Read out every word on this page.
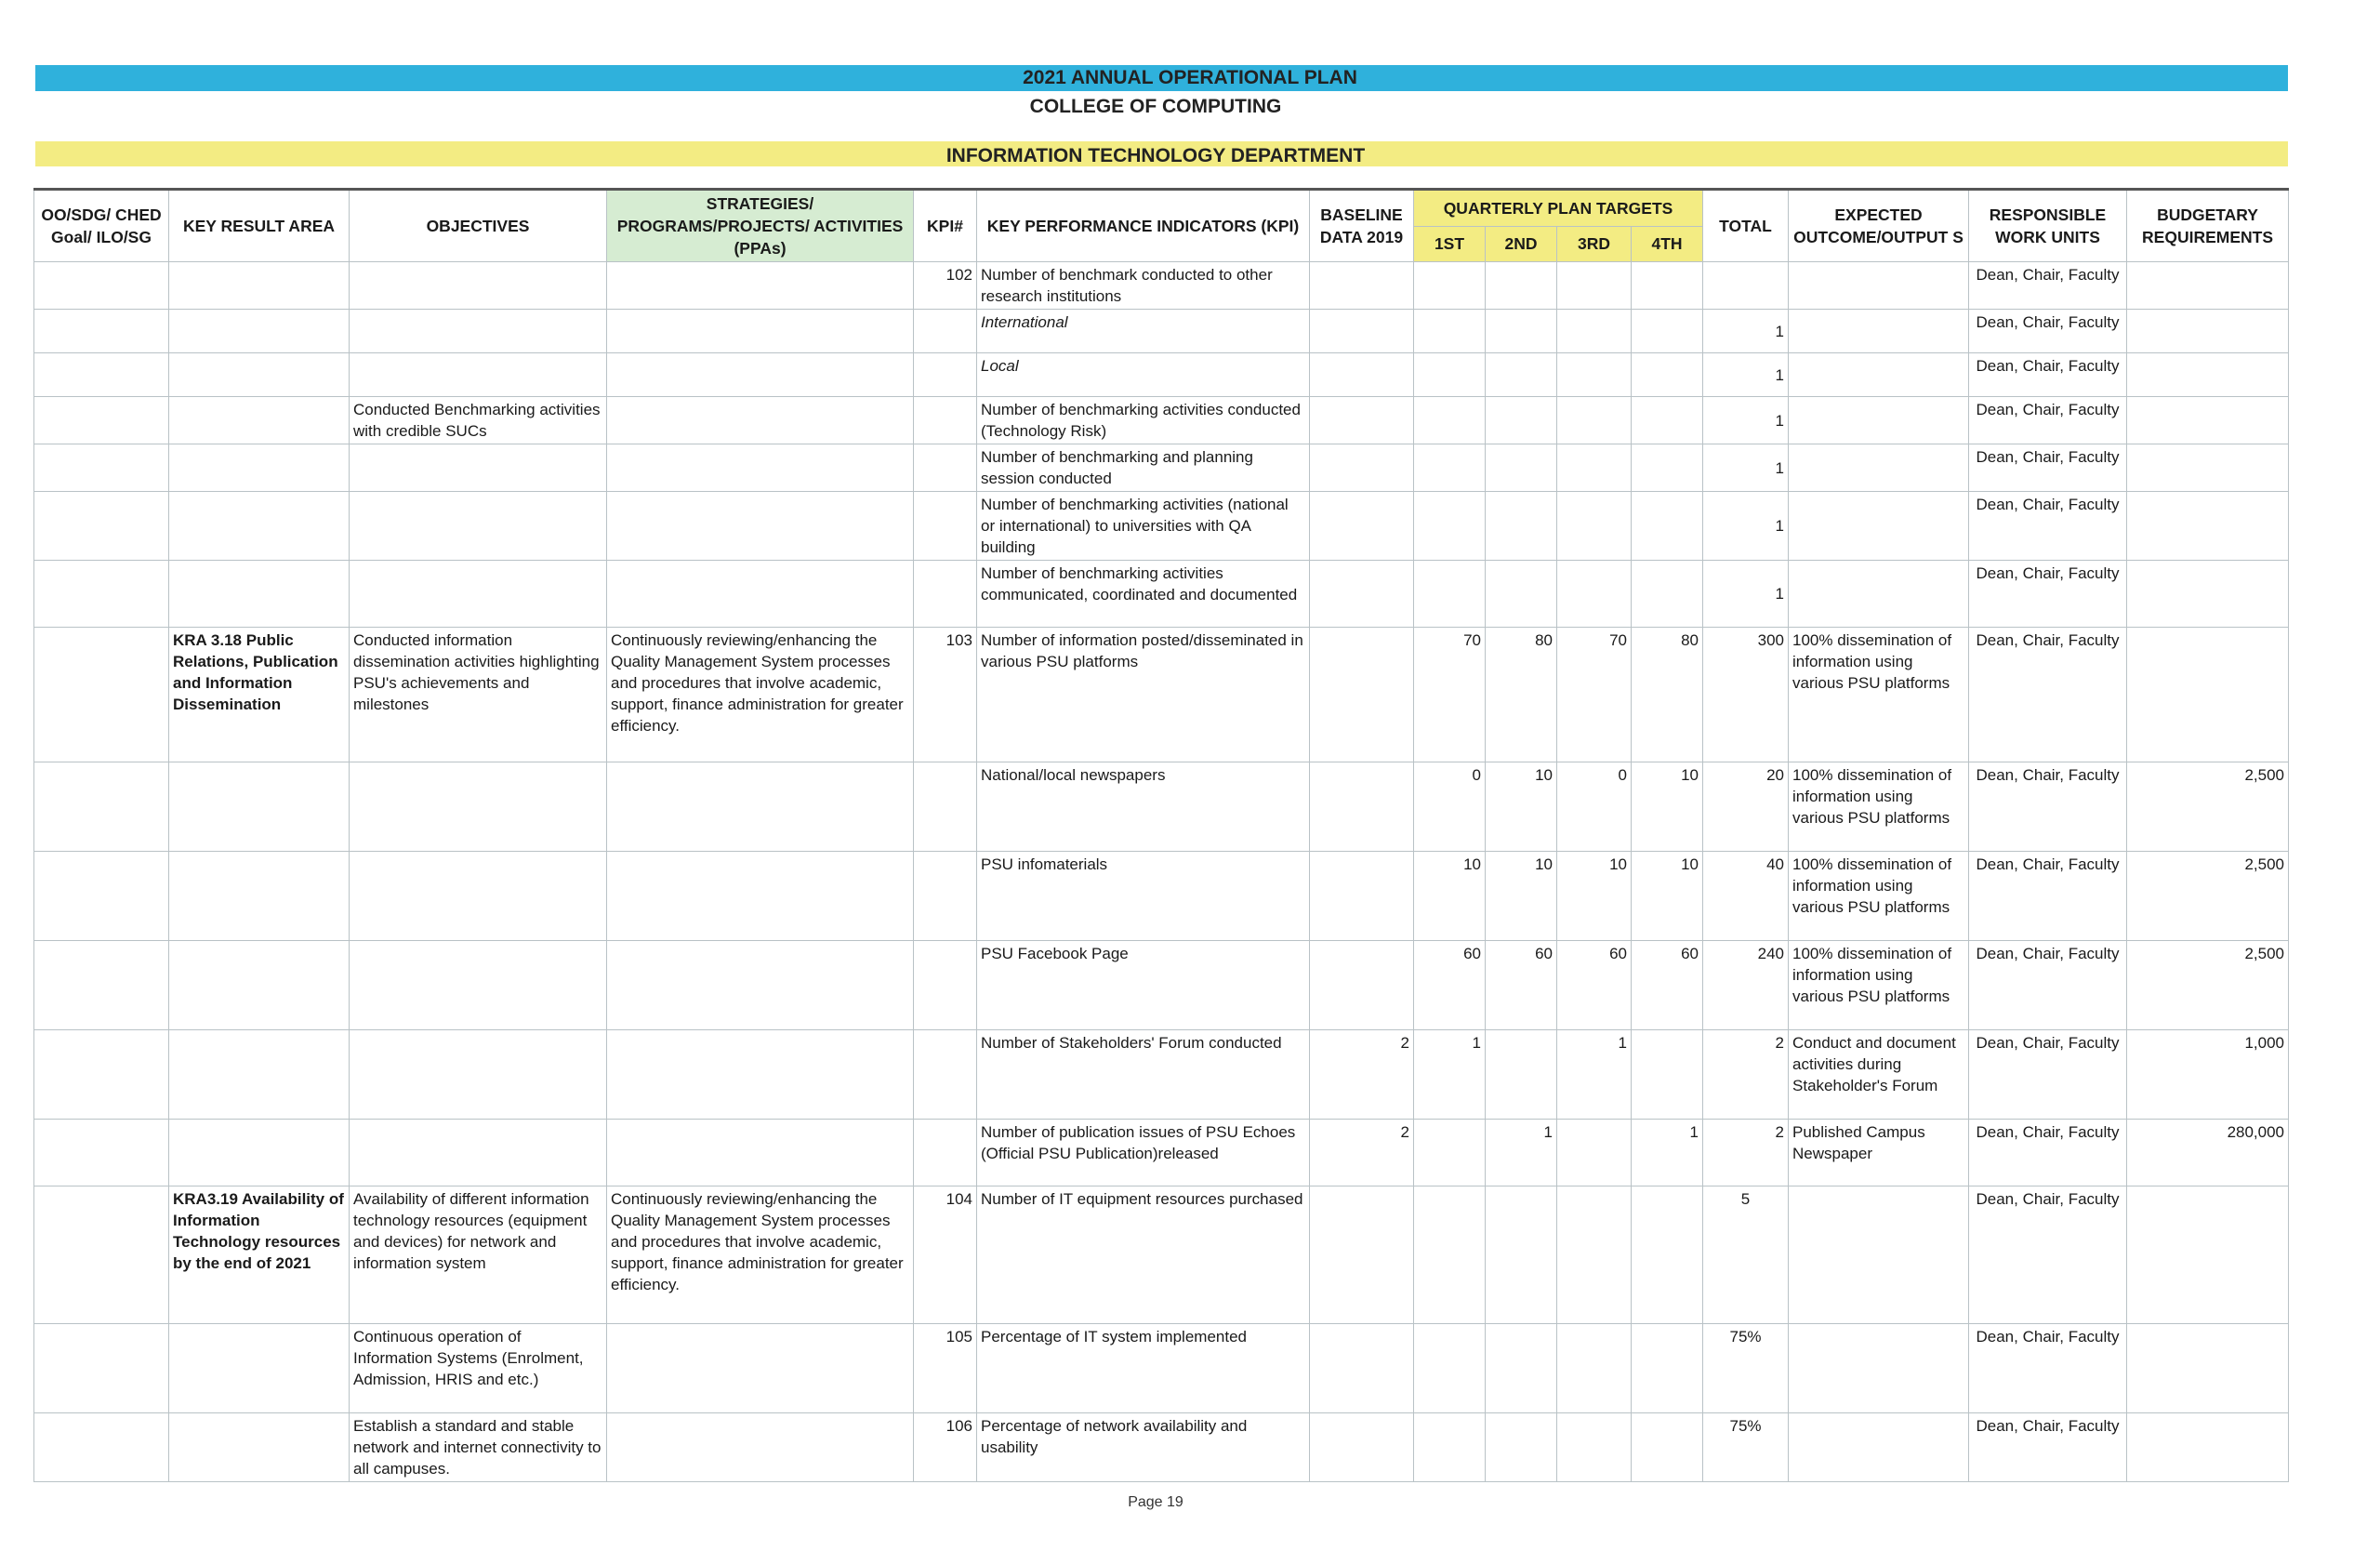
2021 ANNUAL OPERATIONAL PLAN
COLLEGE OF COMPUTING
INFORMATION TECHNOLOGY DEPARTMENT
OO/SDG/ CHED Goal/ ILO/SG	KEY RESULT AREA	OBJECTIVES	STRATEGIES/ PROGRAMS/PROJECTS/ ACTIVITIES (PPAs)	KPI#	KEY PERFORMANCE INDICATORS (KPI)	BASELINE DATA 2019	QUARTERLY PLAN TARGETS				TOTAL	EXPECTED OUTCOME/OUTPUT S	RESPONSIBLE WORK UNITS	BUDGETARY REQUIREMENTS
							1ST	2ND	3RD	4TH				
				102	Number of benchmark conducted to other research institutions								Dean, Chair, Faculty	
					International						1		Dean, Chair, Faculty	
					Local						1		Dean, Chair, Faculty	
		Conducted Benchmarking activities with credible SUCs			Number of benchmarking activities conducted (Technology Risk)						1		Dean, Chair, Faculty	
					Number of benchmarking and planning session conducted						1		Dean, Chair, Faculty	
					Number of benchmarking activities (national or international) to universities with QA building						1		Dean, Chair, Faculty	
					Number of benchmarking activities communicated, coordinated and documented						1		Dean, Chair, Faculty	
	KRA 3.18 Public Relations, Publication and Information Dissemination	Conducted information dissemination activities highlighting PSU's achievements and milestones	Continuously reviewing/enhancing the Quality Management System processes and procedures that involve academic, support, finance administration for greater efficiency.	103	Number of information posted/disseminated in various PSU platforms		70	80	70	80	300	100% dissemination of information using various PSU platforms	Dean, Chair, Faculty	
					National/local newspapers		0	10	0	10	20	100% dissemination of information using various PSU platforms	Dean, Chair, Faculty	2,500
					PSU infomaterials		10	10	10	10	40	100% dissemination of information using various PSU platforms	Dean, Chair, Faculty	2,500
					PSU Facebook Page		60	60	60	60	240	100% dissemination of information using various PSU platforms	Dean, Chair, Faculty	2,500
					Number of Stakeholders' Forum conducted	2	1		1		2	Conduct and document activities during Stakeholder's Forum	Dean, Chair, Faculty	1,000
					Number of publication issues of PSU Echoes (Official PSU Publication)released	2		1		1	2	Published Campus Newspaper	Dean, Chair, Faculty	280,000
	KRA3.19 Availability of Information Technology resources by the end of 2021	Availability of different information technology resources (equipment and devices) for network and information system	Continuously reviewing/enhancing the Quality Management System processes and procedures that involve academic, support, finance administration for greater efficiency.	104	Number of IT equipment resources purchased						5		Dean, Chair, Faculty	
		Continuous operation of Information Systems (Enrolment, Admission, HRIS and etc.)		105	Percentage of IT system implemented						75%		Dean, Chair, Faculty	
		Establish a standard and stable network and internet connectivity to all campuses.		106	Percentage of network availability and usability						75%		Dean, Chair, Faculty	
Page 19
